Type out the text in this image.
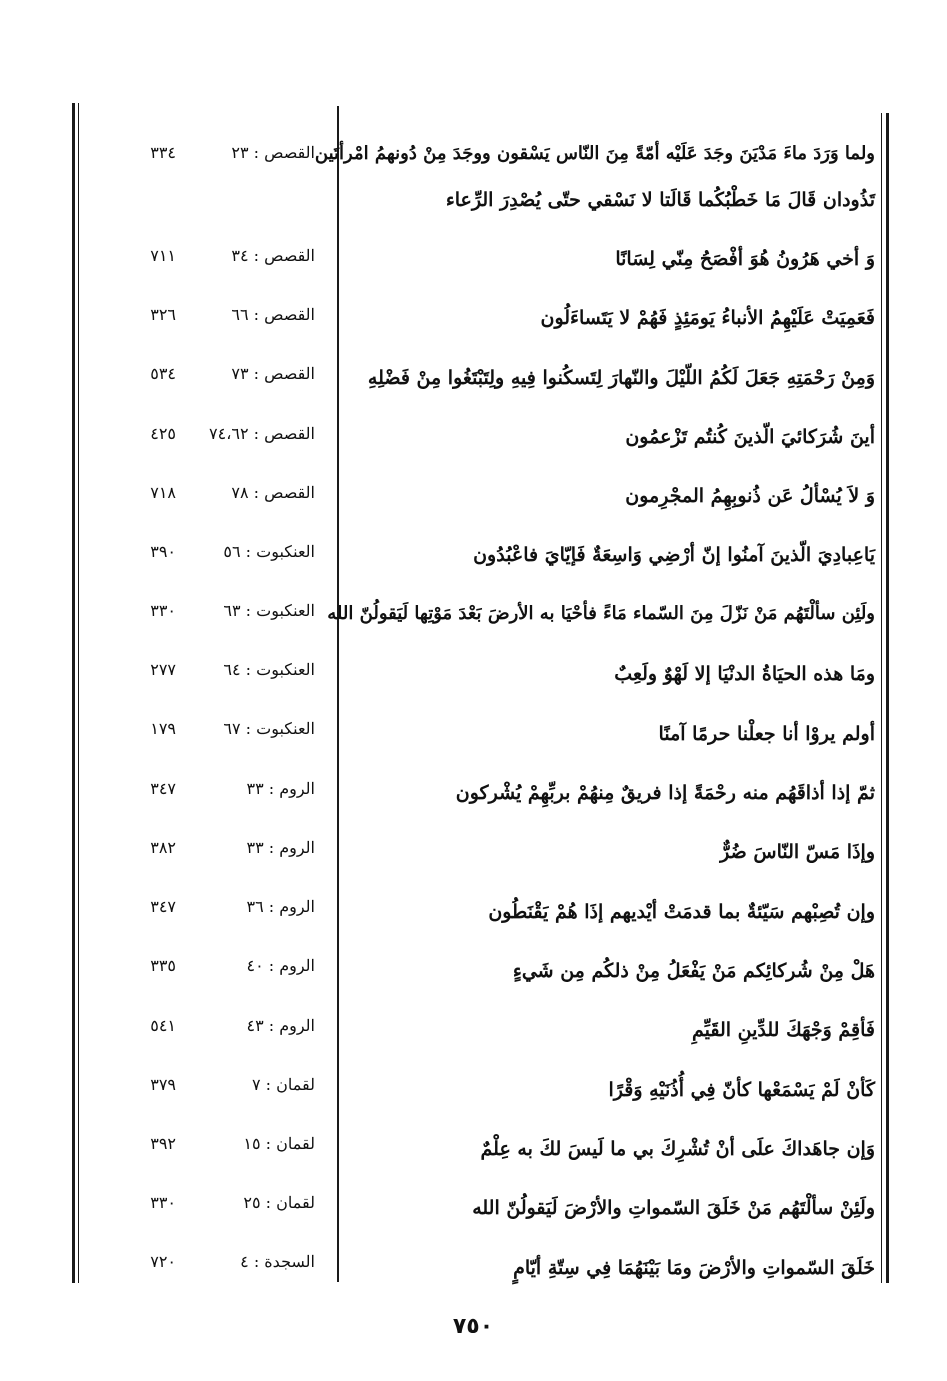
ولما وَرَدَ ماءَ مَدْيَنَ وجَدَ عَلَيْه أمّةً مِنَ النّاس يَسْقون ووجَدَ مِنْ دُونهمُ امْرأتَين
تَذُودان قَالَ مَا خَطْبُكُما قَالَتا لا نَسْقي حتّى يُصْدِرَ الرِّعاء
القصص : ٢٣
٣٣٤
وَ أخي هَرُونُ هُوَ أفْصَحُ مِنّي لِسَانًا
القصص : ٣٤
٧١١
فَعَمِيَتْ عَلَيْهِمُ الأنباءُ يَومَئِذٍ فَهُمْ لا يَتَساءَلُون
القصص : ٦٦
٣٢٦
وَمِنْ رَحْمَتِهِ جَعَلَ لَكُمُ اللّيْلَ والنّهارَ لِتَسكُنوا فِيهِ ولِتَبْتَغُوا مِنْ فَضْلِهِ
القصص : ٧٣
٥٣٤
أينَ شُرَكائيَ الّذينَ كُنتُم تَزْعمُون
القصص : ٧٤،٦٢
٤٢٥
وَ لاَ يُسْألُ عَن ذُنوبِهِمُ المجْرِمون
القصص : ٧٨
٧١٨
يَاعِبادِيَ الّذينَ آمنُوا إنّ أرْضِي وَاسِعَةٌ فَإيّايَ فاعْبُدُون
العنكبوت : ٥٦
٣٩٠
ولَئِن سألْتَهُم مَنْ نَزّلَ مِنَ السّماء مَاءً فأحْيَا به الأرضَ بَعْدَ مَوْتِها لَيَقولُنّ الله
العنكبوت : ٦٣
٣٣٠
ومَا هذه الحيَاةُ الدنْيَا إلا لَهْوٌ ولَعِبٌ
العنكبوت : ٦٤
٢٧٧
أولم يروْا أنا جعلْنا حرمًا آمنًا
العنكبوت : ٦٧
١٧٩
ثمّ إذا أذاقَهُم منه رحْمَةً إذا فريقٌ مِنهُمْ بربِّهِمْ يُشْركون
الروم : ٣٣
٣٤٧
وإذَا مَسّ النّاسَ ضُرٌّ
الروم : ٣٣
٣٨٢
وإن تُصِبْهم سَيّئةٌ بما قدمَتْ أيْديهم إذَا هُمْ يَقْنَطُون
الروم : ٣٦
٣٤٧
هَلْ مِنْ شُركائِكم مَنْ يَفْعَلُ مِنْ ذلكُم مِن شَيءٍ
الروم : ٤٠
٣٣٥
فَأقِمْ وَجْهَكَ للدِّينِ القَيِّمِ
الروم : ٤٣
٥٤١
كَأنْ لَمْ يَسْمَعْها كأنّ فِي أُذُنَيْهِ وَقْرًا
لقمان : ٧
٣٧٩
وَإن جاهَداكَ علَى أنْ تُشْرِكَ بي ما لَيسَ لكَ به عِلْمٌ
لقمان : ١٥
٣٩٢
ولَئِنْ سألْتَهُم مَنْ خَلَقَ السّمواتِ والأرْضَ لَيَقولُنّ الله
لقمان : ٢٥
٣٣٠
خَلَقَ السّمواتِ والأرْضَ ومَا بَيْنَهُمَا فِي سِتّةِ أيّامٍ
السجدة : ٤
٧٢٠
٧٥٠
